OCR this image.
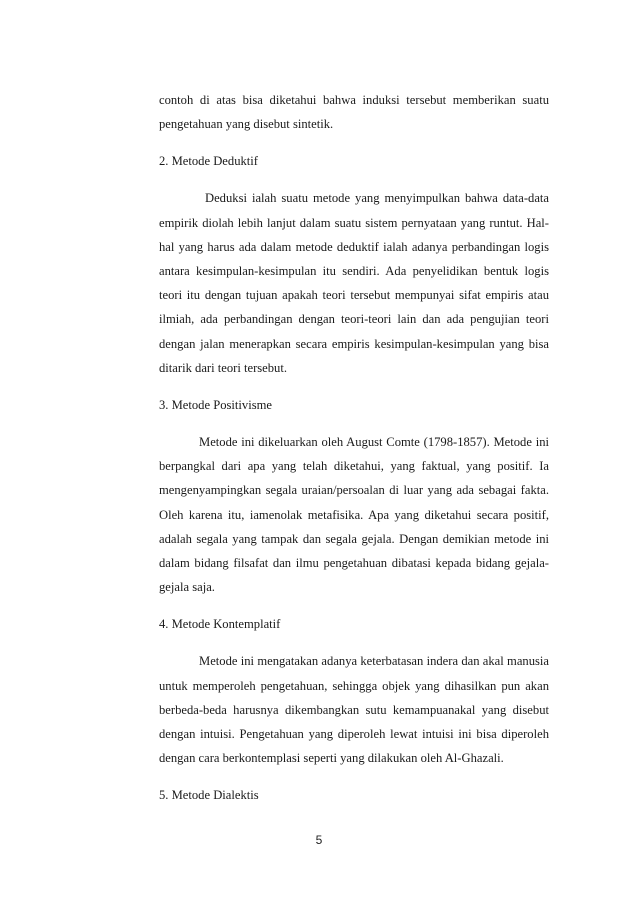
contoh di atas bisa diketahui bahwa induksi tersebut memberikan suatu pengetahuan yang disebut sintetik.

2. Metode Deduktif

Deduksi ialah suatu metode yang menyimpulkan bahwa data-data empirik diolah lebih lanjut dalam suatu sistem pernyataan yang runtut. Hal-hal yang harus ada dalam metode deduktif ialah adanya perbandingan logis antara kesimpulan-kesimpulan itu sendiri. Ada penyelidikan bentuk logis teori itu dengan tujuan apakah teori tersebut mempunyai sifat empiris atau ilmiah, ada perbandingan dengan teori-teori lain dan ada pengujian teori dengan jalan menerapkan secara empiris kesimpulan-kesimpulan yang bisa ditarik dari teori tersebut.

3. Metode Positivisme

Metode ini dikeluarkan oleh August Comte (1798-1857). Metode ini berpangkal dari apa yang telah diketahui, yang faktual, yang positif. Ia mengenyampingkan segala uraian/persoalan di luar yang ada sebagai fakta. Oleh karena itu, iamenolak metafisika. Apa yang diketahui secara positif, adalah segala yang tampak dan segala gejala. Dengan demikian metode ini dalam bidang filsafat dan ilmu pengetahuan dibatasi kepada bidang gejala-gejala saja.

4. Metode Kontemplatif

Metode ini mengatakan adanya keterbatasan indera dan akal manusia untuk memperoleh pengetahuan, sehingga objek yang dihasilkan pun akan berbeda-beda harusnya dikembangkan sutu kemampuanakal yang disebut dengan intuisi. Pengetahuan yang diperoleh lewat intuisi ini bisa diperoleh dengan cara berkontemplasi seperti yang dilakukan oleh Al-Ghazali.

5. Metode Dialektis
5
